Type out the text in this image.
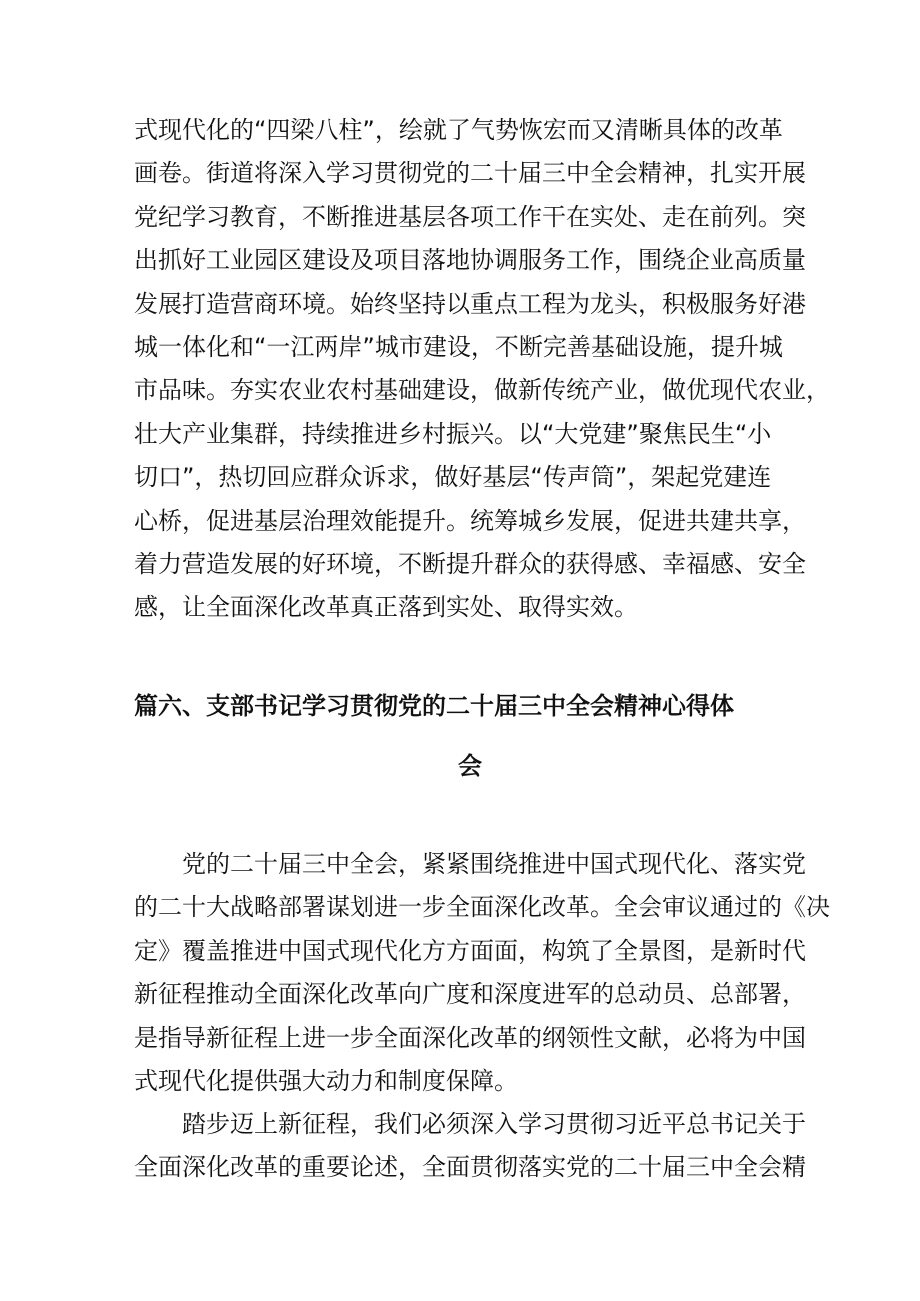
式现代化的“四梁八柱”，绘就了气势恢宏而又清晰具体的改革
画卷。街道将深入学习贯彻党的二十届三中全会精神，扎实开展
党纪学习教育，不断推进基层各项工作干在实处、走在前列。突
出抓好工业园区建设及项目落地协调服务工作，围绕企业高质量
发展打造营商环境。始终坚持以重点工程为龙头，积极服务好港
城一体化和“一江两岸”城市建设，不断完善基础设施，提升城
市品味。夯实农业农村基础建设，做新传统产业，做优现代农业，
壮大产业集群，持续推进乡村振兴。以“大党建”聚焦民生“小
切口”，热切回应群众诉求，做好基层“传声筒”，架起党建连
心桥，促进基层治理效能提升。统筹城乡发展，促进共建共享，
着力营造发展的好环境，不断提升群众的获得感、幸福感、安全
感，让全面深化改革真正落到实处、取得实效。
篇六、支部书记学习贯彻党的二十届三中全会精神心得体
会
党的二十届三中全会，紧紧围绕推进中国式现代化、落实党
的二十大战略部署谋划进一步全面深化改革。全会审议通过的《决
定》覆盖推进中国式现代化方方面面，构筑了全景图，是新时代
新征程推动全面深化改革向广度和深度进军的总动员、总部署，
是指导新征程上进一步全面深化改革的纲领性文献，必将为中国
式现代化提供强大动力和制度保障。
踏步迈上新征程，我们必须深入学习贯彻习近平总书记关于
全面深化改革的重要论述，全面贯彻落实党的二十届三中全会精
